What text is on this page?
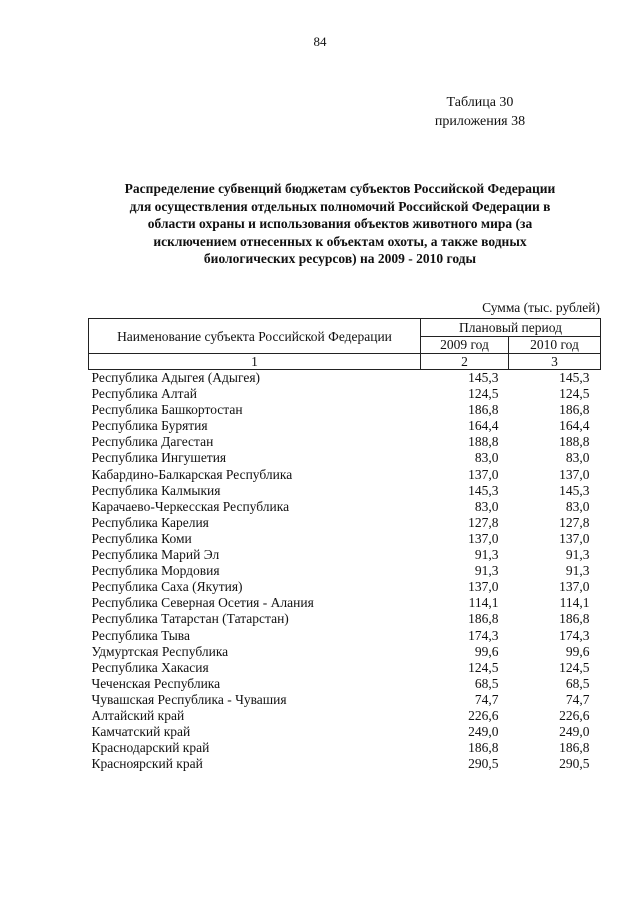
84
Таблица 30
приложения 38
Распределение субвенций бюджетам субъектов Российской Федерации
для осуществления отдельных полномочий Российской Федерации в
области охраны и использования объектов животного мира (за
исключением отнесенных к объектам охоты, а также водных
биологических ресурсов) на 2009 - 2010 годы
Сумма (тыс. рублей)
Наименование субъекта Российской Федерации	Плановый период	
	2009 год	2010 год
1	2	3
Республика Адыгея (Адыгея)	145,3	145,3
Республика Алтай	124,5	124,5
Республика Башкортостан	186,8	186,8
Республика Бурятия	164,4	164,4
Республика Дагестан	188,8	188,8
Республика Ингушетия	83,0	83,0
Кабардино-Балкарская Республика	137,0	137,0
Республика Калмыкия	145,3	145,3
Карачаево-Черкесская Республика	83,0	83,0
Республика Карелия	127,8	127,8
Республика Коми	137,0	137,0
Республика Марий Эл	91,3	91,3
Республика Мордовия	91,3	91,3
Республика Саха (Якутия)	137,0	137,0
Республика Северная Осетия - Алания	114,1	114,1
Республика Татарстан (Татарстан)	186,8	186,8
Республика Тыва	174,3	174,3
Удмуртская Республика	99,6	99,6
Республика Хакасия	124,5	124,5
Чеченская Республика	68,5	68,5
Чувашская Республика - Чувашия	74,7	74,7
Алтайский край	226,6	226,6
Камчатский край	249,0	249,0
Краснодарский край	186,8	186,8
Красноярский край	290,5	290,5
